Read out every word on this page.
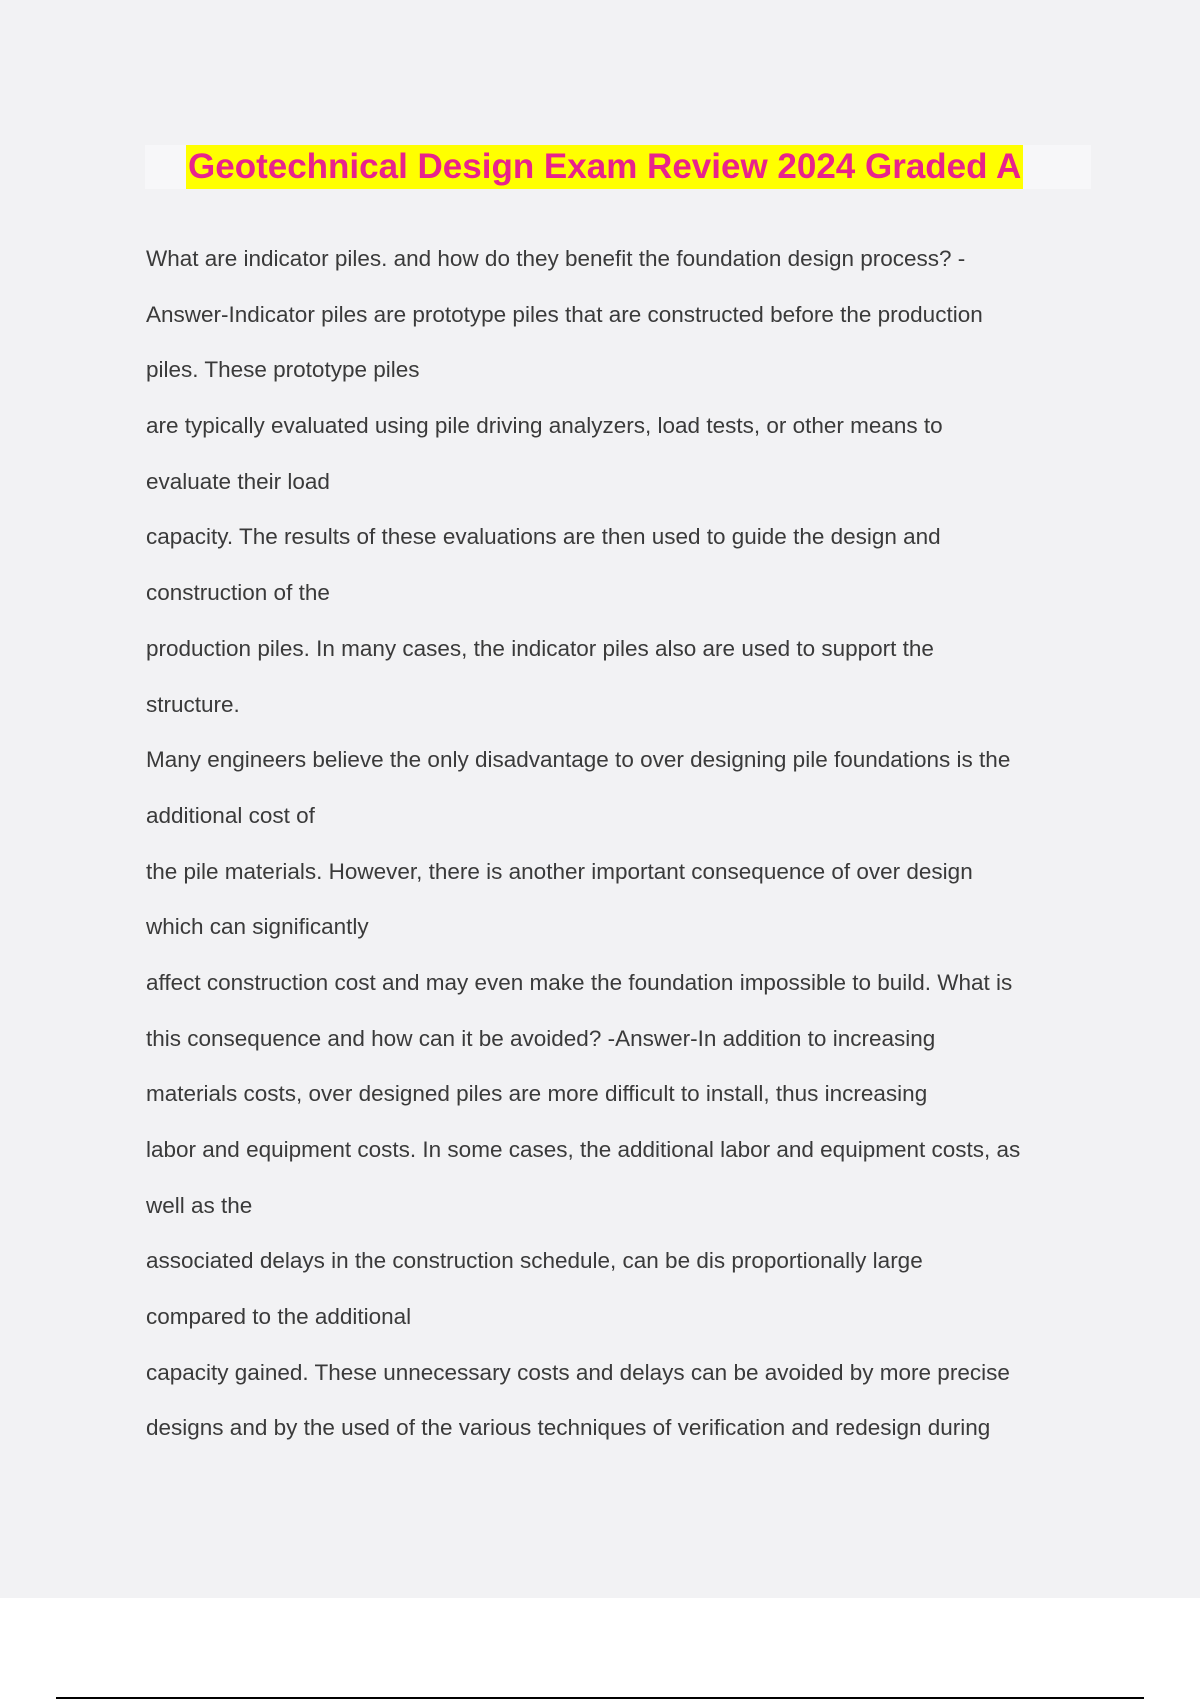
Geotechnical Design Exam Review 2024 Graded A
What are indicator piles. and how do they benefit the foundation design process? -
Answer-Indicator piles are prototype piles that are constructed before the production
piles. These prototype piles
are typically evaluated using pile driving analyzers, load tests, or other means to
evaluate their load
capacity. The results of these evaluations are then used to guide the design and
construction of the
production piles. In many cases, the indicator piles also are used to support the
structure.
Many engineers believe the only disadvantage to over designing pile foundations is the
additional cost of
the pile materials. However, there is another important consequence of over design
which can significantly
affect construction cost and may even make the foundation impossible to build. What is
this consequence and how can it be avoided? -Answer-In addition to increasing
materials costs, over designed piles are more difficult to install, thus increasing
labor and equipment costs. In some cases, the additional labor and equipment costs, as
well as the
associated delays in the construction schedule, can be dis proportionally large
compared to the additional
capacity gained. These unnecessary costs and delays can be avoided by more precise
designs and by the used of the various techniques of verification and redesign during
